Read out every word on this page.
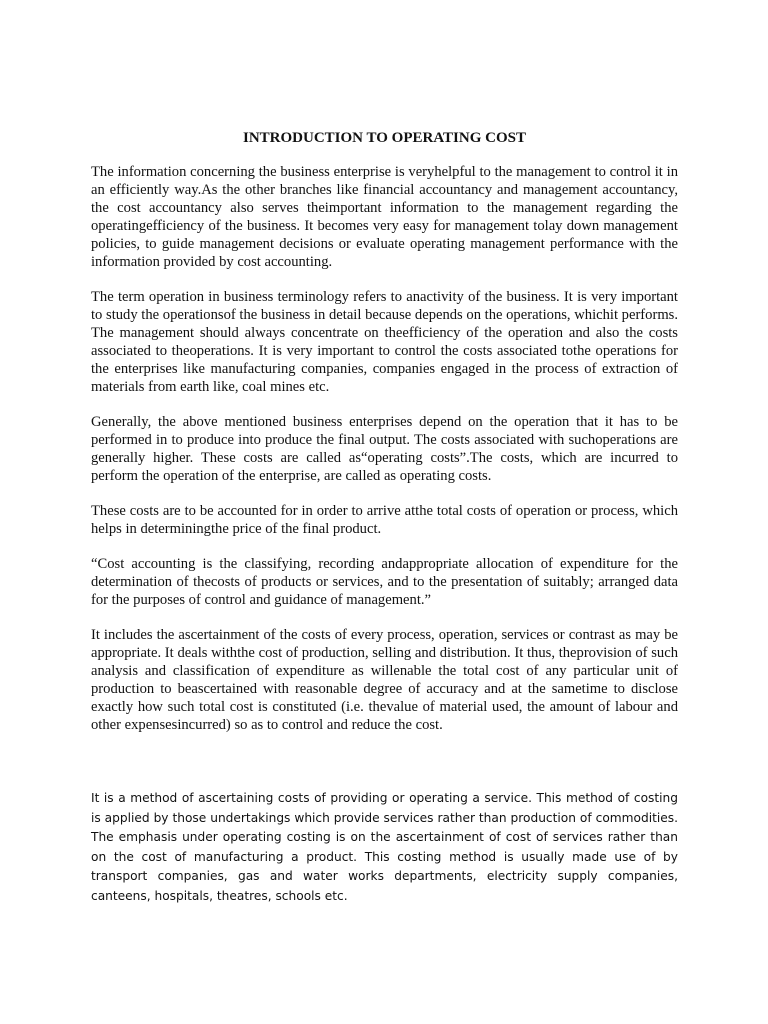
INTRODUCTION TO OPERATING COST

The information concerning the business enterprise is veryhelpful to the management to control it in an efficiently way.As the other branches like financial accountancy and management accountancy, the cost accountancy also serves theimportant information to the management regarding the operatingefficiency of the business. It becomes very easy for management tolay down management policies, to guide management decisions or evaluate operating management performance with the information provided by cost accounting.

The term operation in business terminology refers to anactivity of the business. It is very important to study the operationsof the business in detail because depends on the operations, whichit performs. The management should always concentrate on theefficiency of the operation and also the costs associated to theoperations. It is very important to control the costs associated tothe operations for the enterprises like manufacturing companies, companies engaged in the process of extraction of materials from earth like, coal mines etc.

Generally, the above mentioned business enterprises depend on the operation that it has to be performed in to produce into produce the final output. The costs associated with suchoperations are generally higher. These costs are called as“operating costs”.The costs, which are incurred to perform the operation of the enterprise, are called as operating costs.

These costs are to be accounted for in order to arrive atthe total costs of operation or process, which helps in determiningthe price of the final product.

“Cost accounting is the classifying, recording andappropriate allocation of expenditure for the determination of thecosts of products or services, and to the presentation of suitably; arranged data for the purposes of control and guidance of management.”

It includes the ascertainment of the costs of every process, operation, services or contrast as may be appropriate. It deals withthe cost of production, selling and distribution. It thus, theprovision of such analysis and classification of expenditure as willenable the total cost of any particular unit of production to beascertained with reasonable degree of accuracy and at the sametime to disclose exactly how such total cost is constituted (i.e. thevalue of material used, the amount of labour and other expensesincurred) so as to control and reduce the cost.

It is a method of ascertaining costs of providing or operating a service. This method of costing is applied by those undertakings which provide services rather than production of commodities. The emphasis under operating costing is on the ascertainment of cost of services rather than on the cost of manufacturing a product. This costing method is usually made use of by transport companies, gas and water works departments, electricity supply companies, canteens, hospitals, theatres, schools etc.
